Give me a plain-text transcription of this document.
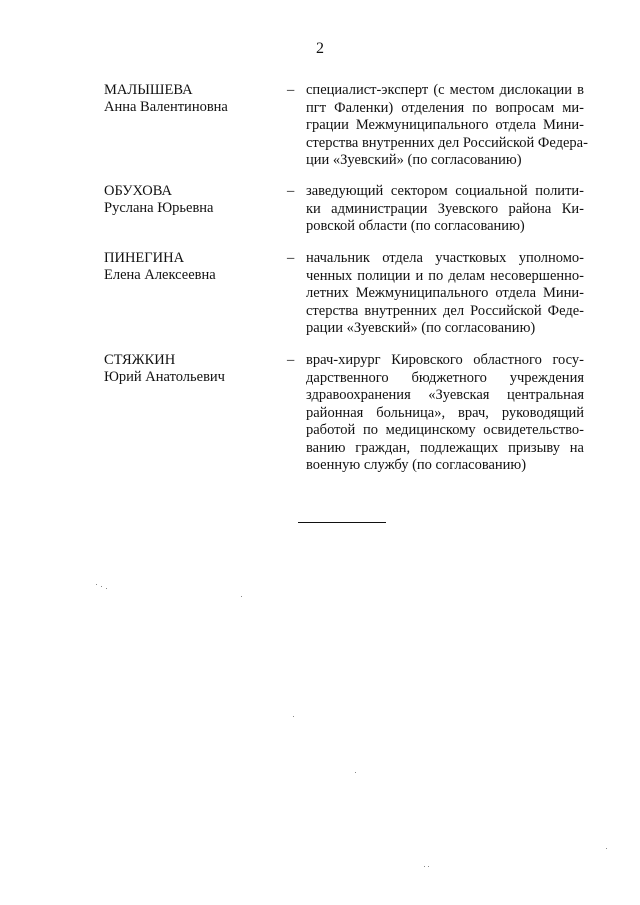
2
МАЛЫШЕВА
Анна Валентиновна
– специалист-эксперт (с местом дислокации в
пгт Фаленки) отделения по вопросам ми-
грации Межмуниципального отдела Мини-
стерства внутренних дел Российской Федера-
ции «Зуевский» (по согласованию)
ОБУХОВА
Руслана Юрьевна
– заведующий сектором социальной полити-
ки администрации Зуевского района Ки-
ровской области (по согласованию)
ПИНЕГИНА
Елена Алексеевна
– начальник отдела участковых уполномо-
ченных полиции и по делам несовершенно-
летних Межмуниципального отдела Мини-
стерства внутренних дел Российской Феде-
рации «Зуевский» (по согласованию)
СТЯЖКИН
Юрий Анатольевич
– врач-хирург Кировского областного госу-
дарственного бюджетного учреждения
здравоохранения «Зуевская центральная
районная больница», врач, руководящий
работой по медицинскому освидетельство-
ванию граждан, подлежащих призыву на
военную службу (по согласованию)
